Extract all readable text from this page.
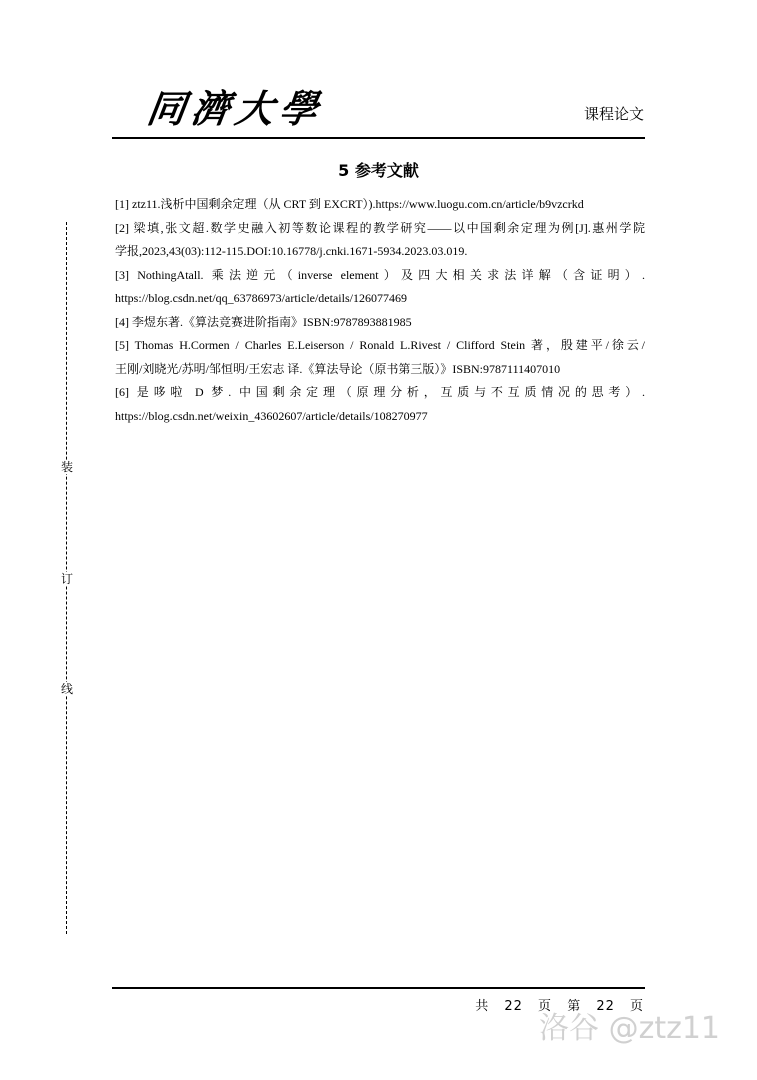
同濟大學	课程论文
5 参考文献

[1] ztz11.浅析中国剩余定理（从 CRT 到 EXCRT）).https://www.luogu.com.cn/article/b9vzcrkd

[2] 梁填,张文超.数学史融入初等数论课程的教学研究——以中国剩余定理为例[J].惠州学院
学报,2023,43(03):112-115.DOI:10.16778/j.cnki.1671-5934.2023.03.019.

[3] NothingAtall. 乘法逆元（inverse element）及四大相关求法详解（含证明）.
https://blog.csdn.net/qq_63786973/article/details/126077469

[4] 李煜东著.《算法竞赛进阶指南》ISBN:9787893881985

[5] Thomas H.Cormen / Charles E.Leiserson / Ronald L.Rivest / Clifford Stein 著，殷建平/徐云/
王刚/刘晓光/苏明/邹恒明/王宏志 译.《算法导论（原书第三版）》ISBN:9787111407010

[6] 是哆啦 D 梦. 中国剩余定理（原理分析，互质与不互质情况的思考）.
https://blog.csdn.net/weixin_43602607/article/details/108270977

装
订
线
共 22 页 第 22 页
洛谷 @ztz11
